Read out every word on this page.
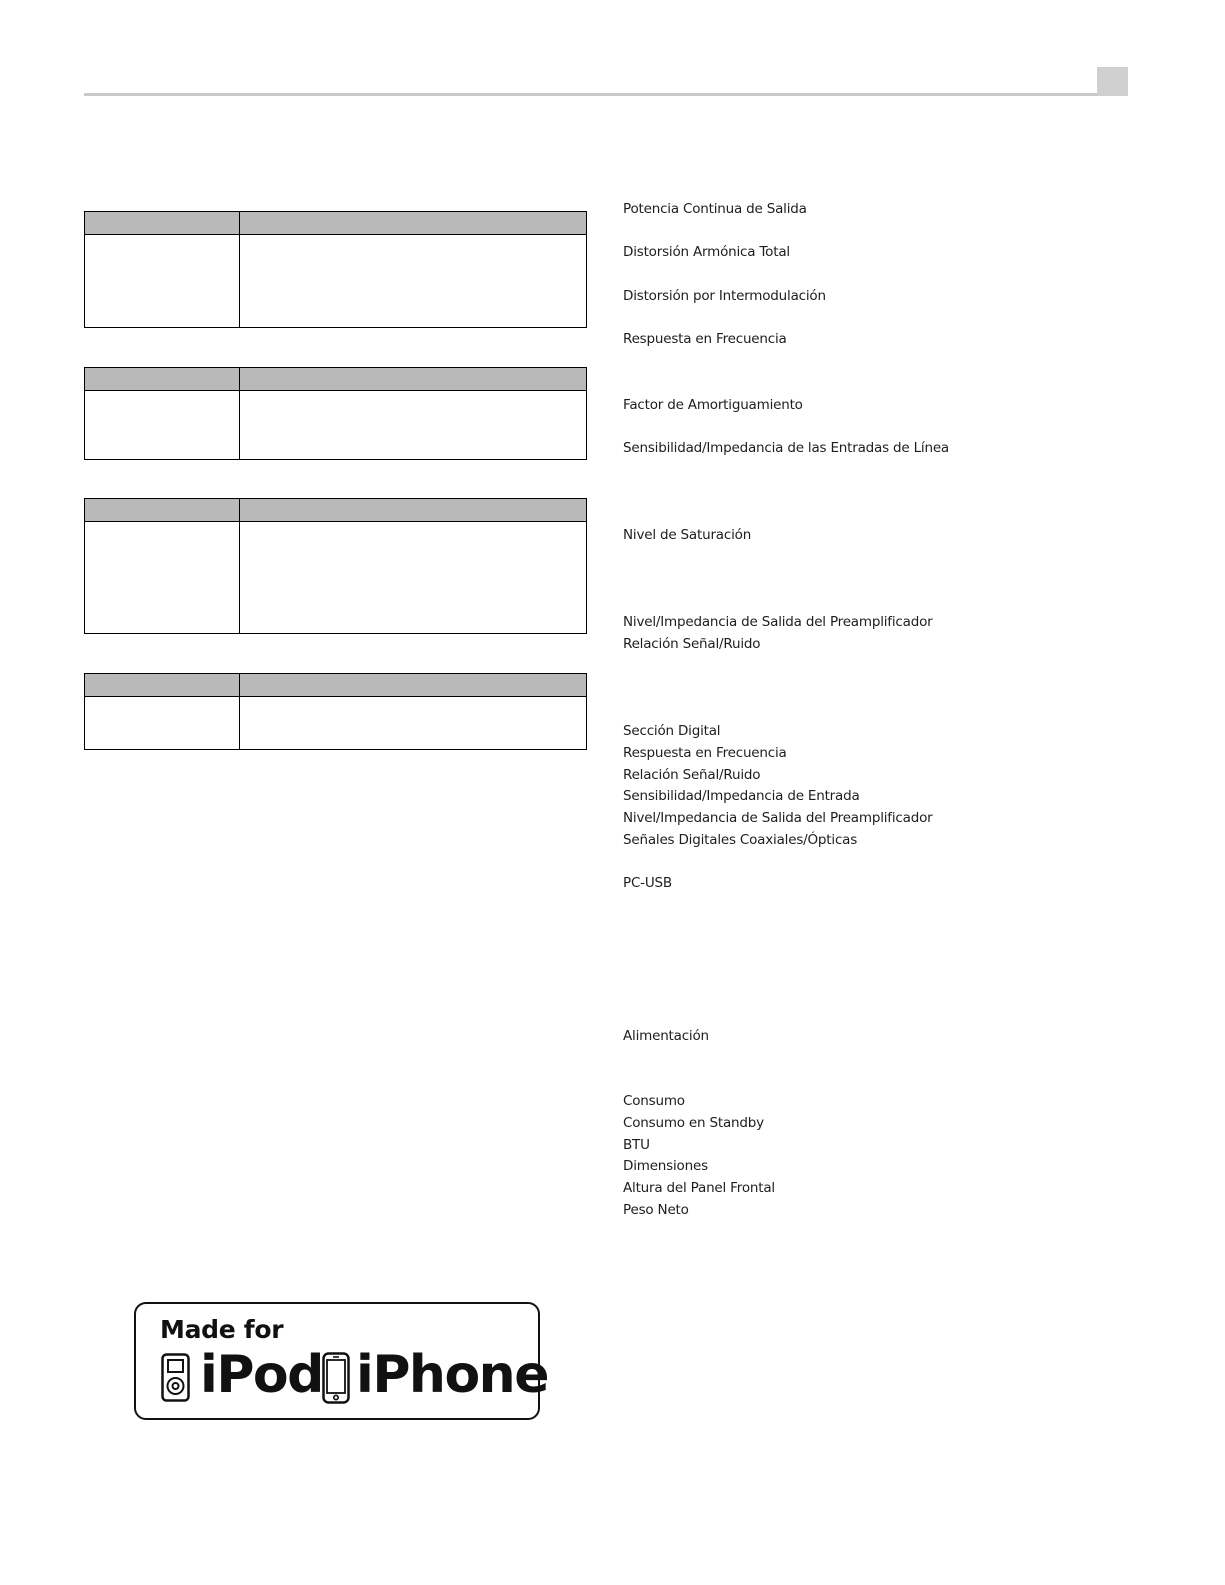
Potencia Continua de Salida
Distorsión Armónica Total
Distorsión por Intermodulación
Respuesta en Frecuencia
Factor de Amortiguamiento
Sensibilidad/Impedancia de las Entradas de Línea
Nivel de Saturación
Nivel/Impedancia de Salida del Preamplificador
Relación Señal/Ruido
Sección Digital
Respuesta en Frecuencia
Relación Señal/Ruido
Sensibilidad/Impedancia de Entrada
Nivel/Impedancia de Salida del Preamplificador
Señales Digitales Coaxiales/Ópticas
PC-USB
Alimentación
Consumo
Consumo en Standby
BTU
Dimensiones
Altura del Panel Frontal
Peso Neto
Made for
iPod iPhone
